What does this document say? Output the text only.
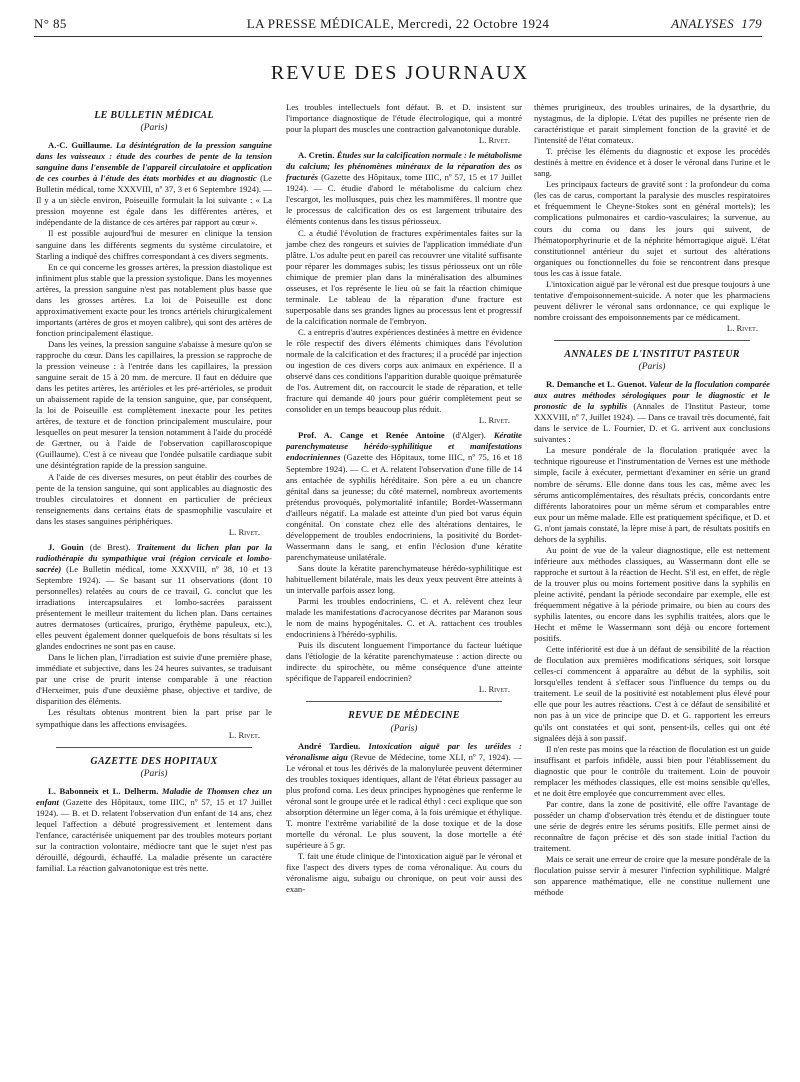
N° 85	LA PRESSE MÉDICALE, Mercredi, 22 Octobre 1924	ANALYSES 179
REVUE DES JOURNAUX
LE BULLETIN MÉDICAL
(Paris)

A.-C. Guillaume. La désintégration de la pression sanguine dans les vaisseaux : étude des courbes de pente de la tension sanguine dans l'ensemble de l'appareil circulatoire et application de ces courbes à l'étude des états morbides et au diagnostic (Le Bulletin médical, tome XXXVIII, nº 37, 3 et 6 Septembre 1924). — Il y a un siècle environ, Poiseuille formulait la loi suivante : « La pression moyenne est égale dans les différentes artères, et indépendante de la distance de ces artères par rapport au cœur ».

Il est possible aujourd'hui de mesurer en clinique la tension sanguine dans les différents segments du système circulatoire, et Starling a indiqué des chiffres correspondant à ces divers segments.

En ce qui concerne les grosses artères, la pression diastolique est infiniment plus stable que la pression systolique. Dans les moyennes artères, la pression sanguine n'est pas notablement plus basse que dans les grosses artères. La loi de Poiseuille est donc approximativement exacte pour les troncs artériels chirurgicalement importants (artères de gros et moyen calibre), qui sont des artères de fonction principalement élastique.

Dans les veines, la pression sanguine s'abaisse à mesure qu'on se rapproche du cœur. Dans les capillaires, la pression se rapproche de la pression veineuse : à l'entrée dans les capillaires, la pression sanguine serait de 15 à 20 mm. de mercure. Il faut en déduire que dans les petites artères, les artérioles et les pré-artérioles, se produit un abaissement rapide de la tension sanguine, que, par conséquent, la loi de Poiseuille est complètement inexacte pour les petites artères, de texture et de fonction principalement musculaire, pour lesquelles on peut mesurer la tension notamment à l'aide du procédé de Gærtner, ou à l'aide de l'observation capillaroscopique (Guillaume). C'est à ce niveau que l'ondée pulsatile cardiaque subit une désintégration rapide de la pression sanguine.

A l'aide de ces diverses mesures, on peut établir des courbes de pente de la tension sanguine, qui sont applicables au diagnostic des troubles circulatoires et donnent en particulier de précieux renseignements dans certains états de spasmophilie vasculaire et dans les stases sanguines périphériques.

L. Rivet.

J. Gouin (de Brest). Traitement du lichen plan par la radiothérapie du sympathique vrai (région cervicale et lombo-sacrée) (Le Bulletin médical, tome XXXVIII, nº 38, 10 et 13 Septembre 1924). — Se basant sur 11 observations (dont 10 personnelles) relatées au cours de ce travail, G. conclut que les irradiations intercapsulaires et lombo-sacrées paraissent présentement le meilleur traitement du lichen plan. Dans certaines autres dermatoses (urticaires, prurigo, érythème papuleux, etc.), elles peuvent également donner quelquefois de bons résultats si les glandes endocrines ne sont pas en cause.

Dans le lichen plan, l'irradiation est suivie d'une première phase, immédiate et subjective, dans les 24 heures suivantes, se traduisant par une crise de prurit intense comparable à une réaction d'Herxeimer, puis d'une deuxième phase, objective et tardive, de disparition des éléments.

Les résultats obtenus montrent bien la part prise par le sympathique dans les affections envisagées.

L. Rivet.
GAZETTE DES HOPITAUX
(Paris)

L. Babonneix et L. Delherm. Maladie de Thomsen chez un enfant (Gazette des Hôpitaux, tome IIIC, nº 57, 15 et 17 Juillet 1924). — B. et D. relatent l'observation d'un enfant de 14 ans, chez lequel l'affection a débuté progressivement et lentement dans l'enfance, caractérisée uniquement par des troubles moteurs portant sur la contraction volontaire, médiocre tant que le sujet n'est pas dérouillé, dégourdi, échauffé. La maladie présente un caractère familial. La réaction galvanotonique est très nette.

Les troubles intellectuels font défaut. B. et D. insistent sur l'importance diagnostique de l'étude électrologique, qui a montré pour la plupart des muscles une contraction galvanotonique durable.

L. Rivet.

A. Cretin. Études sur la calcification normale : le métabolisme du calcium; les phénomènes minéraux de la réparation des os fracturés (Gazette des Hôpitaux, tome IIIC, nº 57, 15 et 17 Juillet 1924). — C. étudie d'abord le métabolisme du calcium chez l'escargot, les mollusques, puis chez les mammifères. Il montre que le processus de calcification des os est largement tributaire des éléments contenus dans les tissus périosseux.

C. a étudié l'évolution de fractures expérimentales faites sur la jambe chez des rongeurs et suivies de l'application immédiate d'un plâtre. L'os adulte peut en pareil cas recouvrer une vitalité suffisante pour réparer les dommages subis; les tissus périosseux ont un rôle chimique de premier plan dans la minéralisation des albumines osseuses, et l'os représente le lieu où se fait la réaction chimique terminale. Le tableau de la réparation d'une fracture est superposable dans ses grandes lignes au processus lent et progressif de la calcification normale de l'embryon.

C. a entrepris d'autres expériences destinées à mettre en évidence le rôle respectif des divers éléments chimiques dans l'évolution normale de la calcification et des fractures; il a procédé par injection ou ingestion de ces divers corps aux animaux en expérience. Il a observé dans ces conditions l'apparition durable quoique prématurée de l'os. Autrement dit, on raccourcit le stade de réparation, et telle fracture qui demande 40 jours pour guérir complètement peut se consolider en un temps beaucoup plus réduit.

L. Rivet.

Prof. A. Cange et Renée Antoine (d'Alger). Kératite parenchymateuse hérédo-syphilitique et manifestations endocriniennes (Gazette des Hôpitaux, tome IIIC, nº 75, 16 et 18 Septembre 1924). — C. et A. relatent l'observation d'une fille de 14 ans entachée de syphilis héréditaire. Son père a eu un chancre génital dans sa jeunesse; du côté maternel, nombreux avortements prétendus provoqués, polymortalité infantile; Bordet-Wassermann d'ailleurs négatif. La malade est atteinte d'un pied bot varus équin congénital. On constate chez elle des altérations dentaires, le développement de troubles endocriniens, la positivité du Bordet-Wassermann dans le sang, et enfin l'éclosion d'une kératite parenchymateuse unilatérale.

Sans doute la kératite parenchymateuse hérédo-syphilitique est habituellement bilatérale, mais les deux yeux peuvent être atteints à un intervalle parfois assez long.

Parmi les troubles endocriniens, C. et A. relèvent chez leur malade les manifestations d'acrocyanose décrites par Maranon sous le nom de mains hypogénitales. C. et A. rattachent ces troubles endocriniens à l'hérédo-syphilis.

Puis ils discutent longuement l'importance du facteur luétique dans l'étiologie de la kératite parenchymateuse : action directe ou indirecte du spirochète, ou même conséquence d'une atteinte spécifique de l'appareil endocrinien?

L. Rivet.
REVUE DE MÉDECINE
(Paris)

André Tardieu. Intoxication aiguë par les uréides : véronalisme aigu (Revue de Médecine, tome XLI, nº 7, 1924). — Le véronal et tous les dérivés de la malonylurée peuvent déterminer des troubles toxiques identiques, allant de l'état ébrieux passager au plus profond coma. Les deux principes hypnogènes que renferme le véronal sont le groupe urée et le radical éthyl : ceci explique que son absorption détermine un léger coma, à la fois urémique et éthylique. T. montre l'extrême variabilité de la dose toxique et de la dose mortelle du véronal. Le plus souvent, la dose mortelle a été supérieure à 5 gr.

T. fait une étude clinique de l'intoxication aiguë par le véronal et fixe l'aspect des divers types de coma véronalique. Au cours du véronalisme aigu, subaigu ou chronique, on peut voir aussi des exan-

thèmes prurigineux, des troubles urinaires, de la dysarthrie, du nystagmus, de la diplopie. L'état des pupilles ne présente rien de caractéristique et parait simplement fonction de la gravité et de l'intensité de l'état comateux.

T. précise les éléments du diagnostic et expose les procédés destinés à mettre en évidence et à doser le véronal dans l'urine et le sang.

Les principaux facteurs de gravité sont : la profondeur du coma (les cas de carus, comportant la paralysie des muscles respiratoires et fréquemment le Cheyne-Stokes sont en général mortels); les complications pulmonaires et cardio-vasculaires; la survenue, au cours du coma ou dans les jours qui suivent, de l'hématoporphyrinurie et de la néphrite hémorragique aiguë. L'état constitutionnel antérieur du sujet et surtout des altérations organiques ou fonctionnelles du foie se rencontrent dans presque tous les cas à issue fatale.

L'intoxication aiguë par le véronal est due presque toujours à une tentative d'empoisonnement-suicide. A noter que les pharmaciens peuvent délivrer le véronal sans ordonnance, ce qui explique le nombre croissant des empoisonnements par ce médicament.

L. Rivet.
ANNALES DE L'INSTITUT PASTEUR
(Paris)

R. Demanche et L. Guenot. Valeur de la floculation comparée aux autres méthodes sérologiques pour le diagnostic et le pronostic de la syphilis (Annales de l'Institut Pasteur, tome XXXVIII, nº 7, Juillet 1924). — Dans ce travail très documenté, fait dans le service de L. Fournier, D. et G. arrivent aux conclusions suivantes :

La mesure pondérale de la floculation pratiquée avec la technique rigoureuse et l'instrumentation de Vernes est une méthode simple, facile à exécuter, permettant d'examiner en série un grand nombre de sérums. Elle donne dans tous les cas, même avec les sérums anticomplémentaires, des résultats précis, concordants entre différents laboratoires pour un même sérum et comparables entre eux pour un même malade. Elle est pratiquement spécifique, et D. et G. n'ont jamais constaté, la lèpre mise à part, de résultats positifs en dehors de la syphilis.

Au point de vue de la valeur diagnostique, elle est nettement inférieure aux méthodes classiques, au Wassermann dont elle se rapproche et surtout à la réaction de Hecht. S'il est, en effet, de règle de la trouver plus ou moins fortement positive dans la syphilis en pleine activité, pendant la période secondaire par exemple, elle est fréquemment négative à la période primaire, ou bien au cours des syphilis latentes, ou encore dans les syphilis traitées, alors que le Hecht et même le Wassermann sont déjà ou encore fortement positifs.

Cette infériorité est due à un défaut de sensibilité de la réaction de floculation aux premières modifications sériques, soit lorsque celles-ci commencent à apparaître au début de la syphilis, soit lorsqu'elles tendent à s'effacer sous l'influence du temps ou du traitement. Le seuil de la positivité est notablement plus élevé pour elle que pour les autres réactions. C'est à ce défaut de sensibilité et non pas à un vice de principe que D. et G. rapportent les erreurs qu'ils ont constatées et qui sont, pensent-ils, celles qui ont été signalées déjà à son passif.

Il n'en reste pas moins que la réaction de floculation est un guide insuffisant et parfois infidèle, aussi bien pour l'établissement du diagnostic que pour le contrôle du traitement. Loin de pouvoir remplacer les méthodes classiques, elle est moins sensible qu'elles, et ne doit être employée que concurremment avec elles.

Par contre, dans la zone de positivité, elle offre l'avantage de posséder un champ d'observation très étendu et de distinguer toute une série de degrés entre les sérums positifs. Elle permet ainsi de reconnaître de façon précise et dès son stade initial l'action du traitement.

Mais ce serait une erreur de croire que la mesure pondérale de la floculation puisse servir à mesurer l'infection syphilitique. Malgré son apparence mathématique, elle ne constitue nullement une méthode
